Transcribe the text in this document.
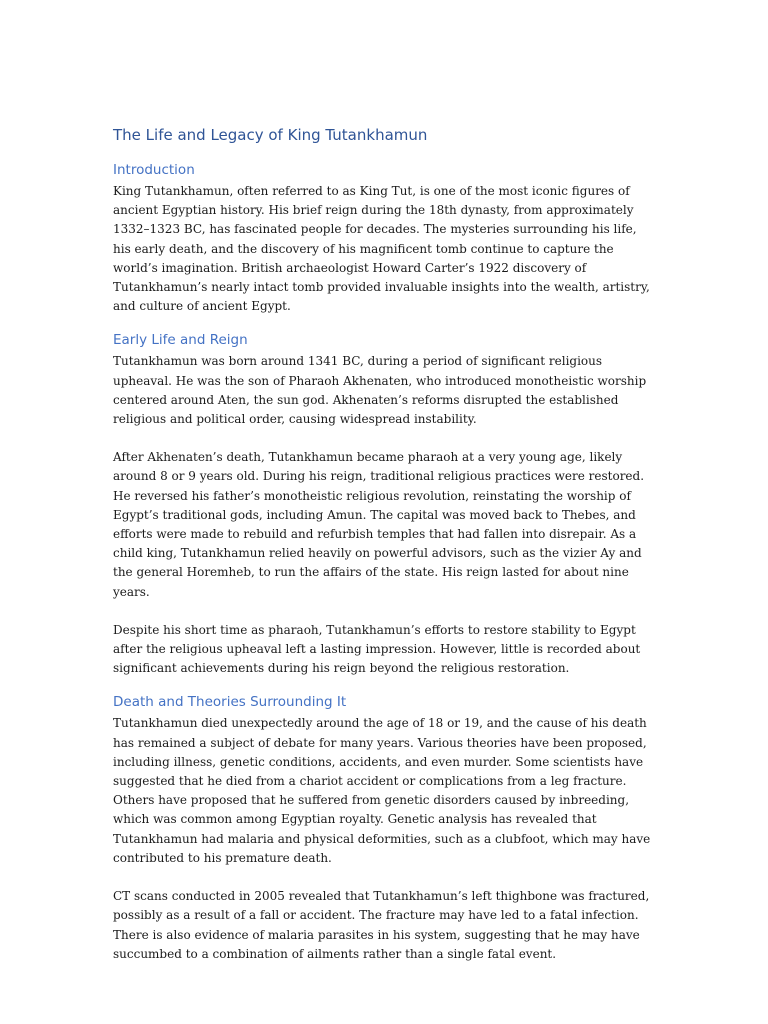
The Life and Legacy of King Tutankhamun
Introduction

King Tutankhamun, often referred to as King Tut, is one of the most iconic figures of ancient Egyptian history. His brief reign during the 18th dynasty, from approximately 1332–1323 BC, has fascinated people for decades. The mysteries surrounding his life, his early death, and the discovery of his magnificent tomb continue to capture the world’s imagination. British archaeologist Howard Carter’s 1922 discovery of Tutankhamun’s nearly intact tomb provided invaluable insights into the wealth, artistry, and culture of ancient Egypt.

Early Life and Reign

Tutankhamun was born around 1341 BC, during a period of significant religious upheaval. He was the son of Pharaoh Akhenaten, who introduced monotheistic worship centered around Aten, the sun god. Akhenaten’s reforms disrupted the established religious and political order, causing widespread instability.

After Akhenaten’s death, Tutankhamun became pharaoh at a very young age, likely around 8 or 9 years old. During his reign, traditional religious practices were restored. He reversed his father’s monotheistic religious revolution, reinstating the worship of Egypt’s traditional gods, including Amun. The capital was moved back to Thebes, and efforts were made to rebuild and refurbish temples that had fallen into disrepair. As a child king, Tutankhamun relied heavily on powerful advisors, such as the vizier Ay and the general Horemheb, to run the affairs of the state. His reign lasted for about nine years.

Despite his short time as pharaoh, Tutankhamun’s efforts to restore stability to Egypt after the religious upheaval left a lasting impression. However, little is recorded about significant achievements during his reign beyond the religious restoration.

Death and Theories Surrounding It

Tutankhamun died unexpectedly around the age of 18 or 19, and the cause of his death has remained a subject of debate for many years. Various theories have been proposed, including illness, genetic conditions, accidents, and even murder. Some scientists have suggested that he died from a chariot accident or complications from a leg fracture. Others have proposed that he suffered from genetic disorders caused by inbreeding, which was common among Egyptian royalty. Genetic analysis has revealed that Tutankhamun had malaria and physical deformities, such as a clubfoot, which may have contributed to his premature death.

CT scans conducted in 2005 revealed that Tutankhamun’s left thighbone was fractured, possibly as a result of a fall or accident. The fracture may have led to a fatal infection. There is also evidence of malaria parasites in his system, suggesting that he may have succumbed to a combination of ailments rather than a single fatal event.
